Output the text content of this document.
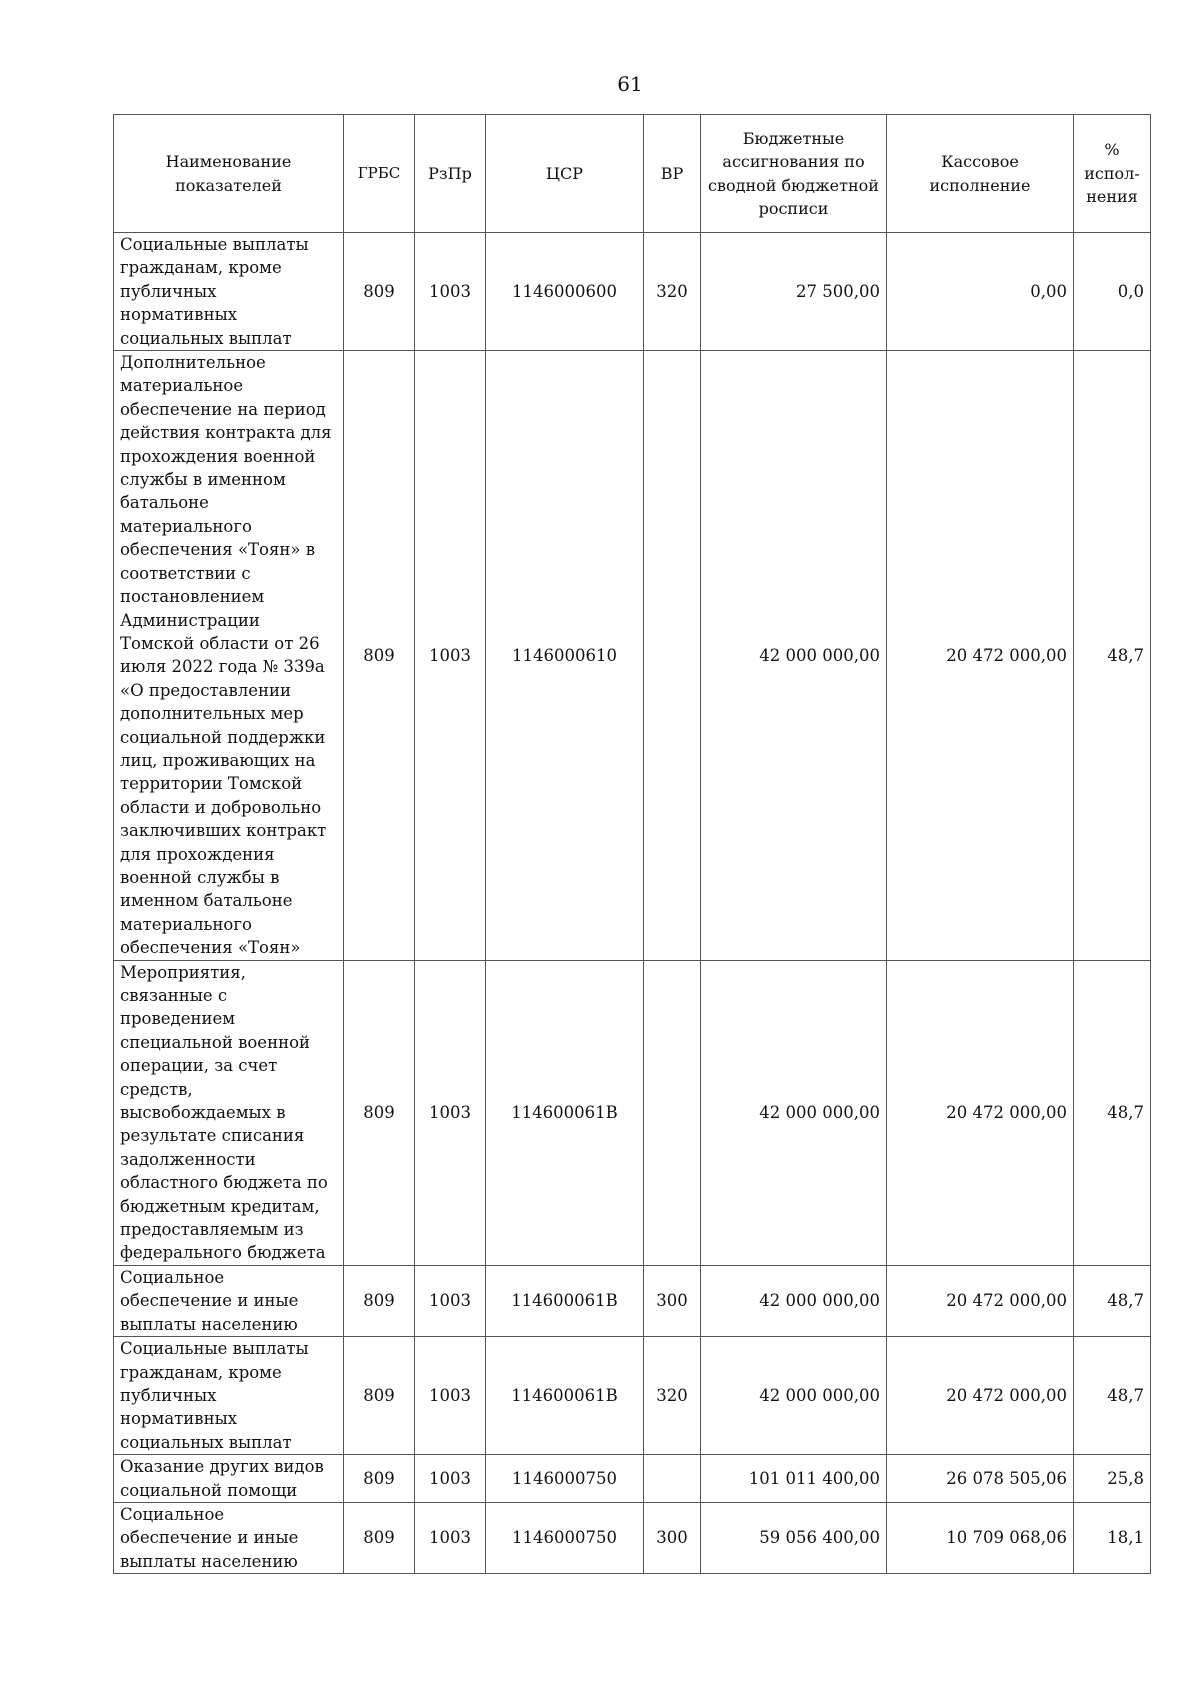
61
Наименование показателей	ГРБС	РзПр	ЦСР	ВР	Бюджетные ассигнования по сводной бюджетной росписи	Кассовое исполнение	% испол- нения
Социальные выплаты гражданам, кроме публичных нормативных социальных выплат	809	1003	1146000600	320	27 500,00	0,00	0,0
Дополнительное материальное обеспечение на период действия контракта для прохождения военной службы в именном батальоне материального обеспечения «Тоян» в соответствии с постановлением Администрации Томской области от 26 июля 2022 года № 339а «О предоставлении дополнительных мер социальной поддержки лиц, проживающих на территории Томской области и добровольно заключивших контракт для прохождения военной службы в именном батальоне материального обеспечения «Тоян»	809	1003	1146000610		42 000 000,00	20 472 000,00	48,7
Мероприятия, связанные с проведением специальной военной операции, за счет средств, высвобождаемых в результате списания задолженности областного бюджета по бюджетным кредитам, предоставляемым из федерального бюджета	809	1003	114600061В		42 000 000,00	20 472 000,00	48,7
Социальное обеспечение и иные выплаты населению	809	1003	114600061В	300	42 000 000,00	20 472 000,00	48,7
Социальные выплаты гражданам, кроме публичных нормативных социальных выплат	809	1003	114600061В	320	42 000 000,00	20 472 000,00	48,7
Оказание других видов социальной помощи	809	1003	1146000750		101 011 400,00	26 078 505,06	25,8
Социальное обеспечение и иные выплаты населению	809	1003	1146000750	300	59 056 400,00	10 709 068,06	18,1
